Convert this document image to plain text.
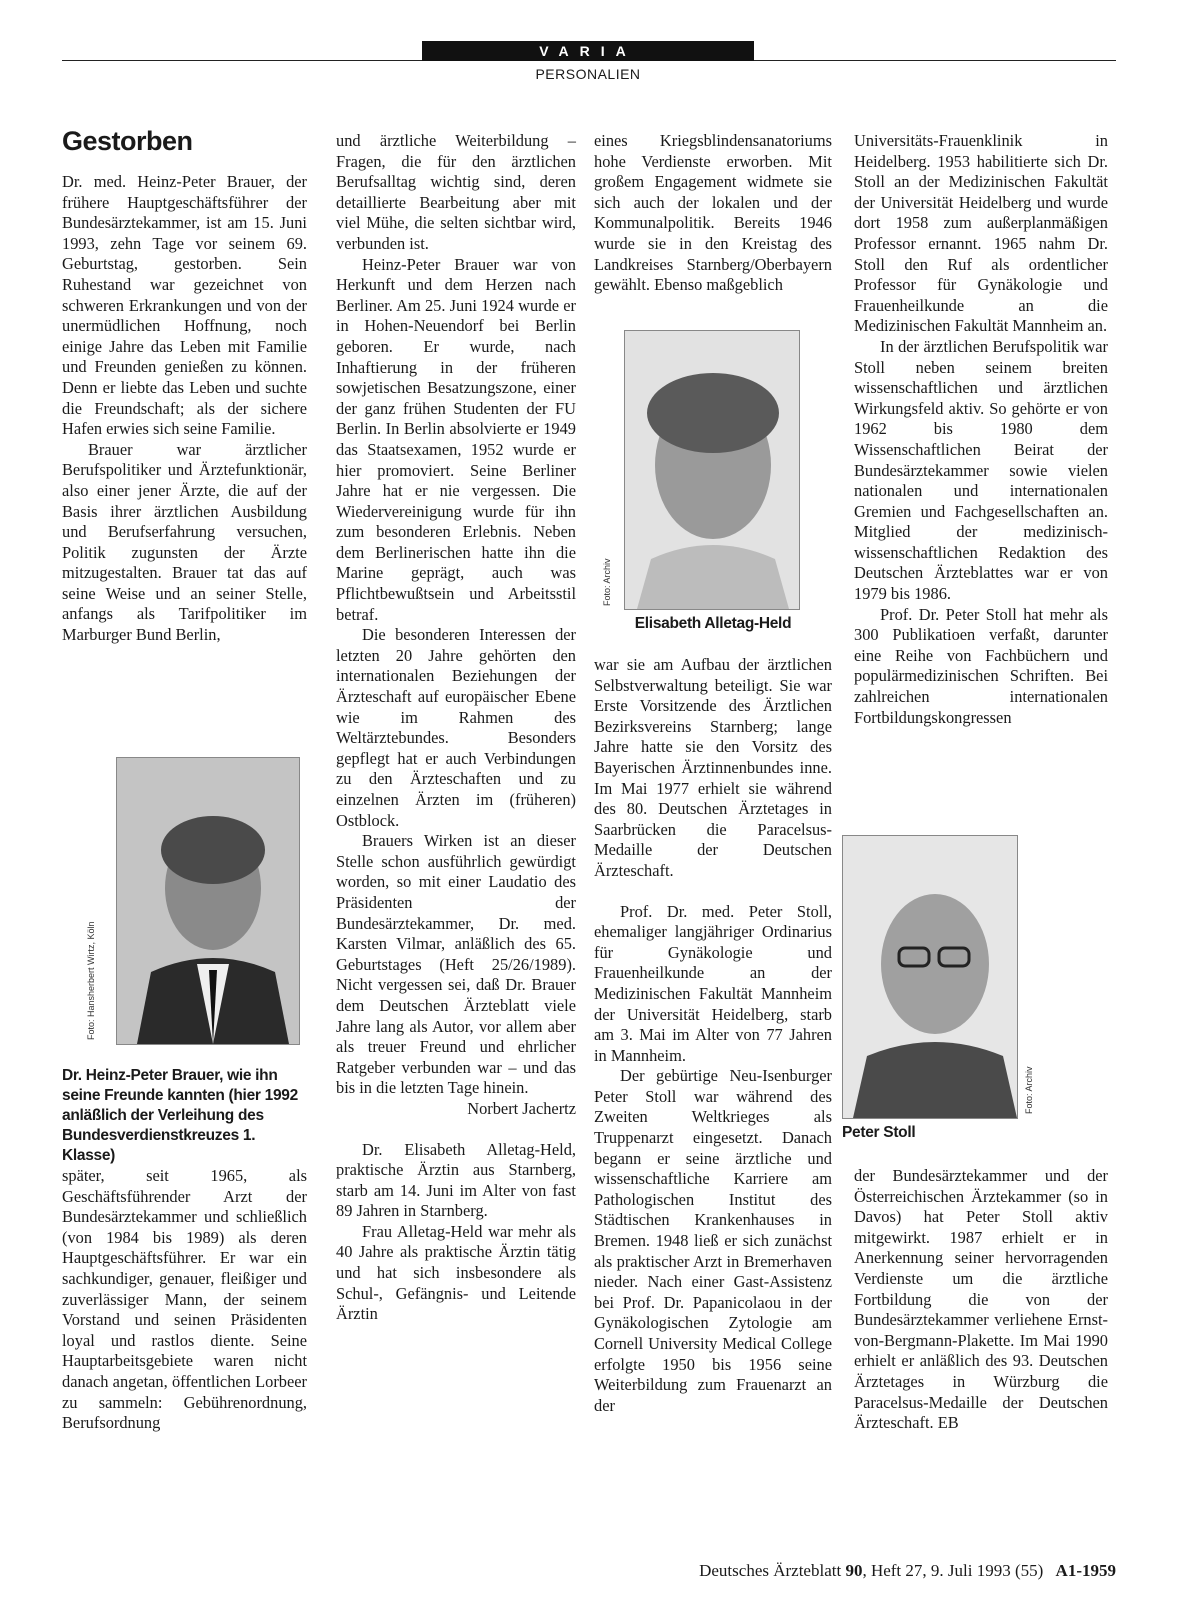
VARIA
PERSONALIEN
Gestorben

Dr. med. Heinz-Peter Brauer, der frühere Hauptgeschäftsführer der Bundesärztekammer, ist am 15. Juni 1993, zehn Tage vor seinem 69. Geburtstag, gestorben. Sein Ruhestand war gezeichnet von schweren Erkrankungen und von der unermüdlichen Hoffnung, noch einige Jahre das Leben mit Familie und Freunden genießen zu können. Denn er liebte das Leben und suchte die Freundschaft; als der sichere Hafen erwies sich seine Familie.

Brauer war ärztlicher Berufspolitiker und Ärztefunktionär, also einer jener Ärzte, die auf der Basis ihrer ärztlichen Ausbildung und Berufserfahrung versuchen, Politik zugunsten der Ärzte mitzugestalten. Brauer tat das auf seine Weise und an seiner Stelle, anfangs als Tarifpolitiker im Marburger Bund Berlin,

Foto: Hansherbert Wirtz, Köln
Dr. Heinz-Peter Brauer, wie ihn seine Freunde kannten (hier 1992 anläßlich der Verleihung des Bundesverdienstkreuzes 1. Klasse)

später, seit 1965, als Geschäftsführender Arzt der Bundesärztekammer und schließlich (von 1984 bis 1989) als deren Hauptgeschäftsführer. Er war ein sachkundiger, genauer, fleißiger und zuverlässiger Mann, der seinem Vorstand und seinen Präsidenten loyal und rastlos diente. Seine Hauptarbeitsgebiete waren nicht danach angetan, öffentlichen Lorbeer zu sammeln: Gebührenordnung, Berufsordnung

und ärztliche Weiterbildung – Fragen, die für den ärztlichen Berufsalltag wichtig sind, deren detaillierte Bearbeitung aber mit viel Mühe, die selten sichtbar wird, verbunden ist.

Heinz-Peter Brauer war von Herkunft und dem Herzen nach Berliner. Am 25. Juni 1924 wurde er in Hohen-Neuendorf bei Berlin geboren. Er wurde, nach Inhaftierung in der früheren sowjetischen Besatzungszone, einer der ganz frühen Studenten der FU Berlin. In Berlin absolvierte er 1949 das Staatsexamen, 1952 wurde er hier promoviert. Seine Berliner Jahre hat er nie vergessen. Die Wiedervereinigung wurde für ihn zum besonderen Erlebnis. Neben dem Berlinerischen hatte ihn die Marine geprägt, auch was Pflichtbewußtsein und Arbeitsstil betraf.

Die besonderen Interessen der letzten 20 Jahre gehörten den internationalen Beziehungen der Ärzteschaft auf europäischer Ebene wie im Rahmen des Weltärztebundes. Besonders gepflegt hat er auch Verbindungen zu den Ärzteschaften und zu einzelnen Ärzten im (früheren) Ostblock.

Brauers Wirken ist an dieser Stelle schon ausführlich gewürdigt worden, so mit einer Laudatio des Präsidenten der Bundesärztekammer, Dr. med. Karsten Vilmar, anläßlich des 65. Geburtstages (Heft 25/26/1989). Nicht vergessen sei, daß Dr. Brauer dem Deutschen Ärzteblatt viele Jahre lang als Autor, vor allem aber als treuer Freund und ehrlicher Ratgeber verbunden war – und das bis in die letzten Tage hinein.

Norbert Jachertz

Dr. Elisabeth Alletag-Held, praktische Ärztin aus Starnberg, starb am 14. Juni im Alter von fast 89 Jahren in Starnberg.

Frau Alletag-Held war mehr als 40 Jahre als praktische Ärztin tätig und hat sich insbesondere als Schul-, Gefängnis- und Leitende Ärztin

eines Kriegsblindensanatoriums hohe Verdienste erworben. Mit großem Engagement widmete sie sich auch der lokalen und der Kommunalpolitik. Bereits 1946 wurde sie in den Kreistag des Landkreises Starnberg/Oberbayern gewählt. Ebenso maßgeblich

Foto: Archiv
Elisabeth Alletag-Held

war sie am Aufbau der ärztlichen Selbstverwaltung beteiligt. Sie war Erste Vorsitzende des Ärztlichen Bezirksvereins Starnberg; lange Jahre hatte sie den Vorsitz des Bayerischen Ärztinnenbundes inne. Im Mai 1977 erhielt sie während des 80. Deutschen Ärztetages in Saarbrücken die Paracelsus-Medaille der Deutschen Ärzteschaft.

Prof. Dr. med. Peter Stoll, ehemaliger langjähriger Ordinarius für Gynäkologie und Frauenheilkunde an der Medizinischen Fakultät Mannheim der Universität Heidelberg, starb am 3. Mai im Alter von 77 Jahren in Mannheim.

Der gebürtige Neu-Isenburger Peter Stoll war während des Zweiten Weltkrieges als Truppenarzt eingesetzt. Danach begann er seine ärztliche und wissenschaftliche Karriere am Pathologischen Institut des Städtischen Krankenhauses in Bremen. 1948 ließ er sich zunächst als praktischer Arzt in Bremerhaven nieder. Nach einer Gast-Assistenz bei Prof. Dr. Papanicolaou in der Gynäkologischen Zytologie am Cornell University Medical College erfolgte 1950 bis 1956 seine Weiterbildung zum Frauenarzt an der

Universitäts-Frauenklinik in Heidelberg. 1953 habilitierte sich Dr. Stoll an der Medizinischen Fakultät der Universität Heidelberg und wurde dort 1958 zum außerplanmäßigen Professor ernannt. 1965 nahm Dr. Stoll den Ruf als ordentlicher Professor für Gynäkologie und Frauenheilkunde an die Medizinischen Fakultät Mannheim an.

In der ärztlichen Berufspolitik war Stoll neben seinem breiten wissenschaftlichen und ärztlichen Wirkungsfeld aktiv. So gehörte er von 1962 bis 1980 dem Wissenschaftlichen Beirat der Bundesärztekammer sowie vielen nationalen und internationalen Gremien und Fachgesellschaften an. Mitglied der medizinisch-wissenschaftlichen Redaktion des Deutschen Ärzteblattes war er von 1979 bis 1986.

Prof. Dr. Peter Stoll hat mehr als 300 Publikatioen verfaßt, darunter eine Reihe von Fachbüchern und populärmedizinischen Schriften. Bei zahlreichen internationalen Fortbildungskongressen

Foto: Archiv
Peter Stoll

der Bundesärztekammer und der Österreichischen Ärztekammer (so in Davos) hat Peter Stoll aktiv mitgewirkt. 1987 erhielt er in Anerkennung seiner hervorragenden Verdienste um die ärztliche Fortbildung die von der Bundesärztekammer verliehene Ernst-von-Bergmann-Plakette. Im Mai 1990 erhielt er anläßlich des 93. Deutschen Ärztetages in Würzburg die Paracelsus-Medaille der Deutschen Ärzteschaft. EB

Deutsches Ärzteblatt 90, Heft 27, 9. Juli 1993 (55) A1-1959
